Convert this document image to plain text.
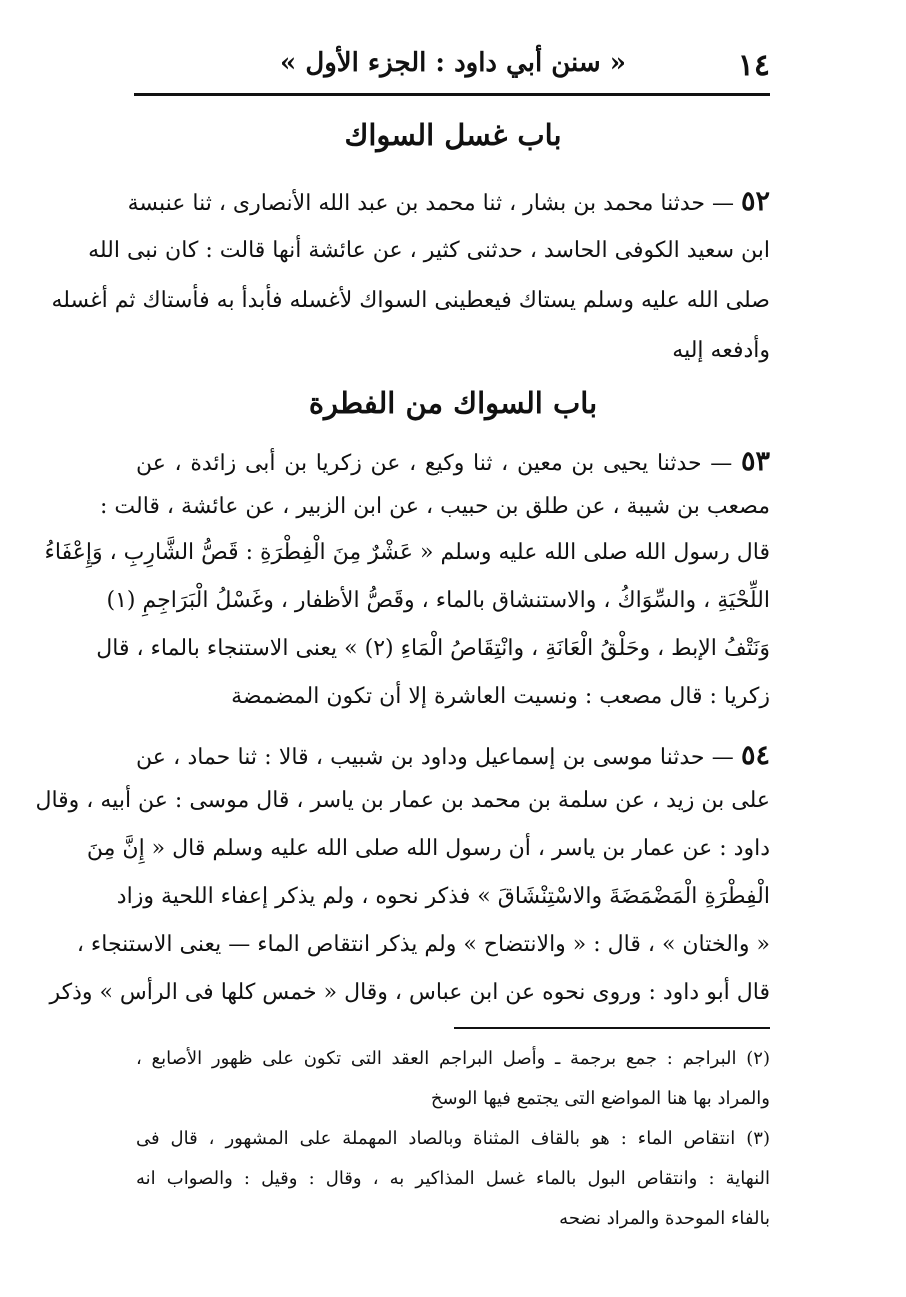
١٤
« سنن أبي داود : الجزء الأول »
باب غسل السواك
٥٢ — حدثنا محمد بن بشار ، ثنا محمد بن عبد الله الأنصارى ، ثنا عنبسة
ابن سعيد الكوفى الحاسد ، حدثنى كثير ، عن عائشة أنها قالت : كان نبى الله
صلى الله عليه وسلم يستاك فيعطينى السواك لأغسله فأبدأ به فأستاك ثم أغسله
وأدفعه إليه
باب السواك من الفطرة
٥٣ — حدثنا يحيى بن معين ، ثنا وكيع ، عن زكريا بن أبى زائدة ، عن
مصعب بن شيبة ، عن طلق بن حبيب ، عن ابن الزبير ، عن عائشة ، قالت :
قال رسول الله صلى الله عليه وسلم « عَشْرٌ مِنَ الْفِطْرَةِ : قَصُّ الشَّارِبِ ، وَإِعْفَاءُ
اللِّحْيَةِ ، والسِّوَاكُ ، والاستنشاق بالماء ، وقَصُّ الأظفار ، وغَسْلُ الْبَرَاجِمِ (١)
وَنَتْفُ الإبط ، وحَلْقُ الْعَانَةِ ، وانْتِقَاصُ الْمَاءِ (٢) » يعنى الاستنجاء بالماء ، قال
زكريا : قال مصعب : ونسيت العاشرة إلا أن تكون المضمضة
٥٤ — حدثنا موسى بن إسماعيل وداود بن شبيب ، قالا : ثنا حماد ، عن
على بن زيد ، عن سلمة بن محمد بن عمار بن ياسر ، قال موسى : عن أبيه ، وقال
داود : عن عمار بن ياسر ، أن رسول الله صلى الله عليه وسلم قال « إِنَّ مِنَ
الْفِطْرَةِ الْمَضْمَضَةَ والاسْتِنْشَاقَ » فذكر نحوه ، ولم يذكر إعفاء اللحية وزاد
« والختان » ، قال : « والانتضاح » ولم يذكر انتقاص الماء — يعنى الاستنجاء ،
قال أبو داود : وروى نحوه عن ابن عباس ، وقال « خمس كلها فى الرأس » وذكر
(٢) البراجم : جمع برجمة ـ وأصل البراجم العقد التى تكون على ظهور الأصابع ،
والمراد بها هنا المواضع التى يجتمع فيها الوسخ
(٣) انتقاص الماء : هو بالقاف المثناة وبالصاد المهملة على المشهور ، قال فى
النهاية : وانتقاص البول بالماء غسل المذاكير به ، وقال : وقيل : والصواب انه
بالفاء الموحدة والمراد نضحه
